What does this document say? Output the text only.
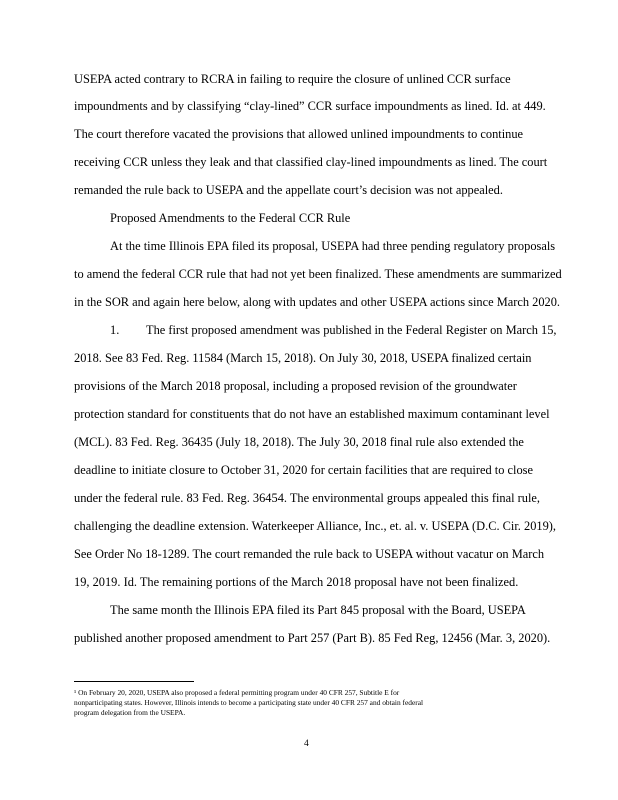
USEPA acted contrary to RCRA in failing to require the closure of unlined CCR surface
impoundments and by classifying “clay-lined” CCR surface impoundments as lined. Id. at 449.
The court therefore vacated the provisions that allowed unlined impoundments to continue
receiving CCR unless they leak and that classified clay-lined impoundments as lined. The court
remanded the rule back to USEPA and the appellate court’s decision was not appealed.
Proposed Amendments to the Federal CCR Rule
At the time Illinois EPA filed its proposal, USEPA had three pending regulatory proposals
to amend the federal CCR rule that had not yet been finalized. These amendments are summarized
in the SOR and again here below, along with updates and other USEPA actions since March 2020.
1. The first proposed amendment was published in the Federal Register on March 15,
2018. See 83 Fed. Reg. 11584 (March 15, 2018). On July 30, 2018, USEPA finalized certain
provisions of the March 2018 proposal, including a proposed revision of the groundwater
protection standard for constituents that do not have an established maximum contaminant level
(MCL). 83 Fed. Reg. 36435 (July 18, 2018). The July 30, 2018 final rule also extended the
deadline to initiate closure to October 31, 2020 for certain facilities that are required to close
under the federal rule. 83 Fed. Reg. 36454. The environmental groups appealed this final rule,
challenging the deadline extension. Waterkeeper Alliance, Inc., et. al. v. USEPA (D.C. Cir. 2019),
See Order No 18-1289. The court remanded the rule back to USEPA without vacatur on March
19, 2019. Id. The remaining portions of the March 2018 proposal have not been finalized.
The same month the Illinois EPA filed its Part 845 proposal with the Board, USEPA
published another proposed amendment to Part 257 (Part B). 85 Fed Reg, 12456 (Mar. 3, 2020).
¹ On February 20, 2020, USEPA also proposed a federal permitting program under 40 CFR 257, Subtitle E for
nonparticipating states. However, Illinois intends to become a participating state under 40 CFR 257 and obtain federal
program delegation from the USEPA.
4
